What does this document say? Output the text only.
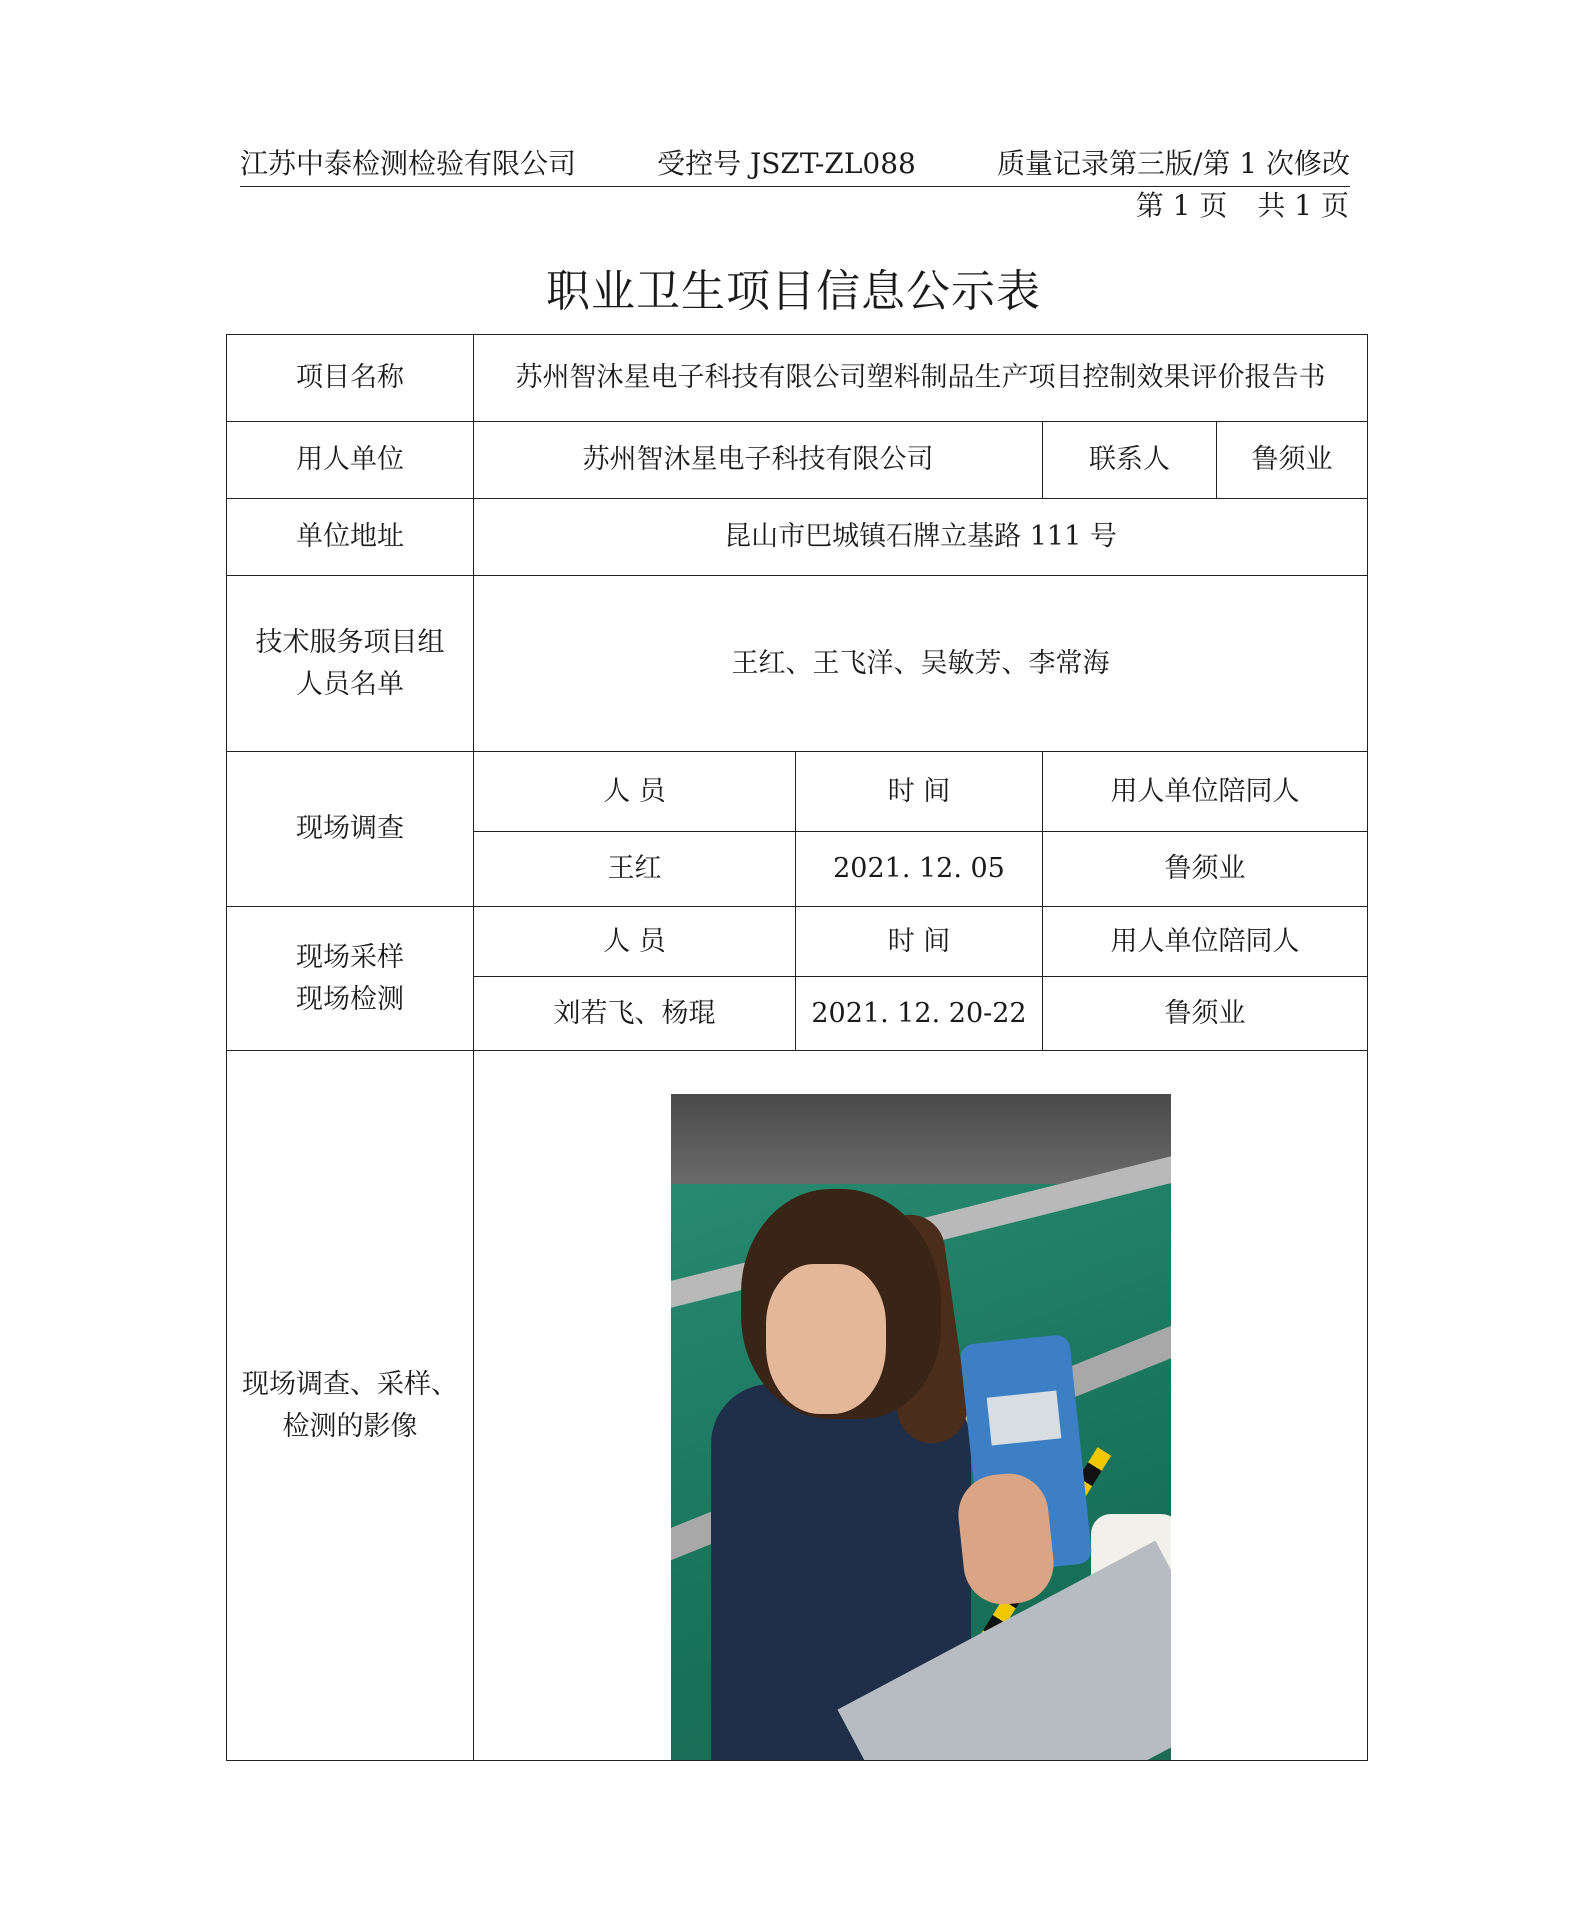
江苏中泰检测检验有限公司	受控号 JSZT-ZL088	质量记录第三版/第 1 次修改
第 1 页 共 1 页
职业卫生项目信息公示表
项目名称	苏州智沐星电子科技有限公司塑料制品生产项目控制效果评价报告书			
用人单位	苏州智沐星电子科技有限公司		联系人	鲁须业
单位地址	昆山市巴城镇石牌立基路 111 号			

技术服务项目组
人员名单	王红、王飞洋、吴敏芳、李常海			
现场调查	人 员	时 间	用人单位陪同人	
	王红	2021. 12. 05	鲁须业	

现场采样
现场检测	人 员	时 间	用人单位陪同人	
	刘若飞、杨琨	2021. 12. 20-22	鲁须业	

现场调查、采样、
检测的影像				
